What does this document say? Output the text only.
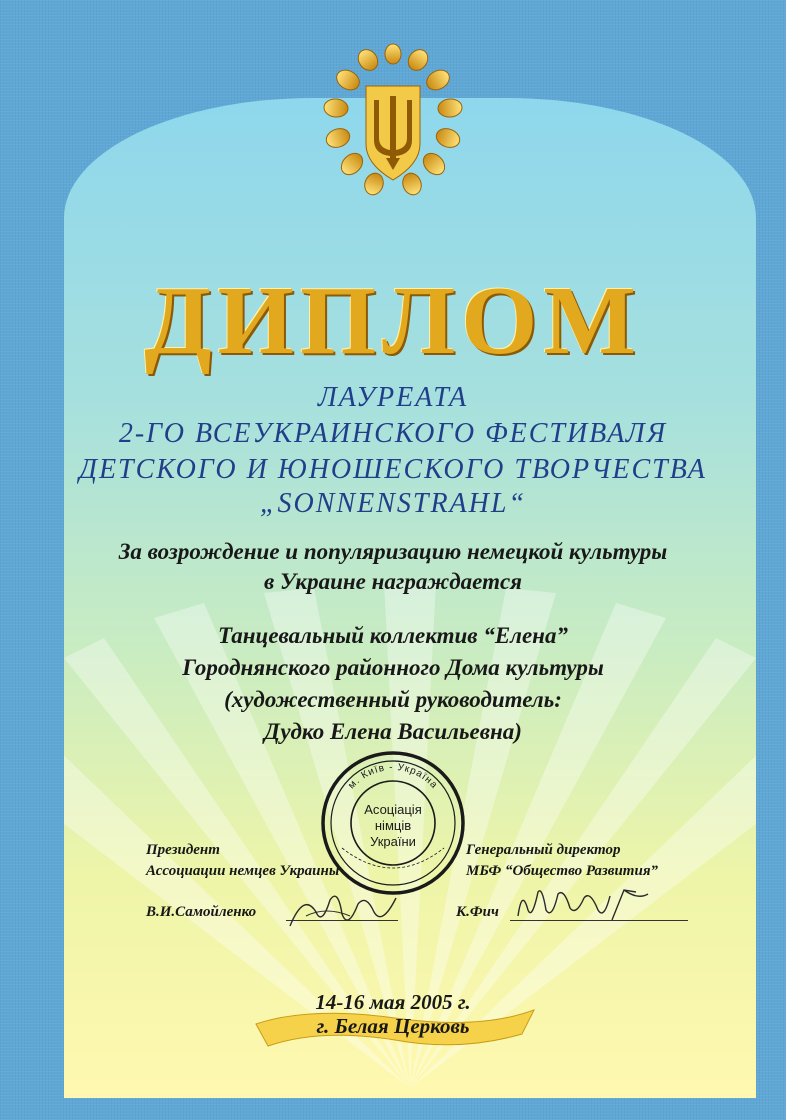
ДИПЛОМ
ЛАУРЕАТА
2-ГО ВСЕУКРАИНСКОГО ФЕСТИВАЛЯ
ДЕТСКОГО И ЮНОШЕСКОГО ТВОРЧЕСТВА
„SONNENSTRAHL“
За возрождение и популяризацию немецкой культуры
в Украине награждается
Танцевальный коллектив “Елена”
Городнянского районного Дома культуры
(художественный руководитель:
Дудко Елена Васильевна)
Президент
Ассоциации немцев Украины
В.И.Самойленко
Генеральный директор
МБФ “Общество Развития”
К.Фич
м. Київ - Україна
Асоціація
німців
України
14-16 мая 2005 г.
г. Белая Церковь
